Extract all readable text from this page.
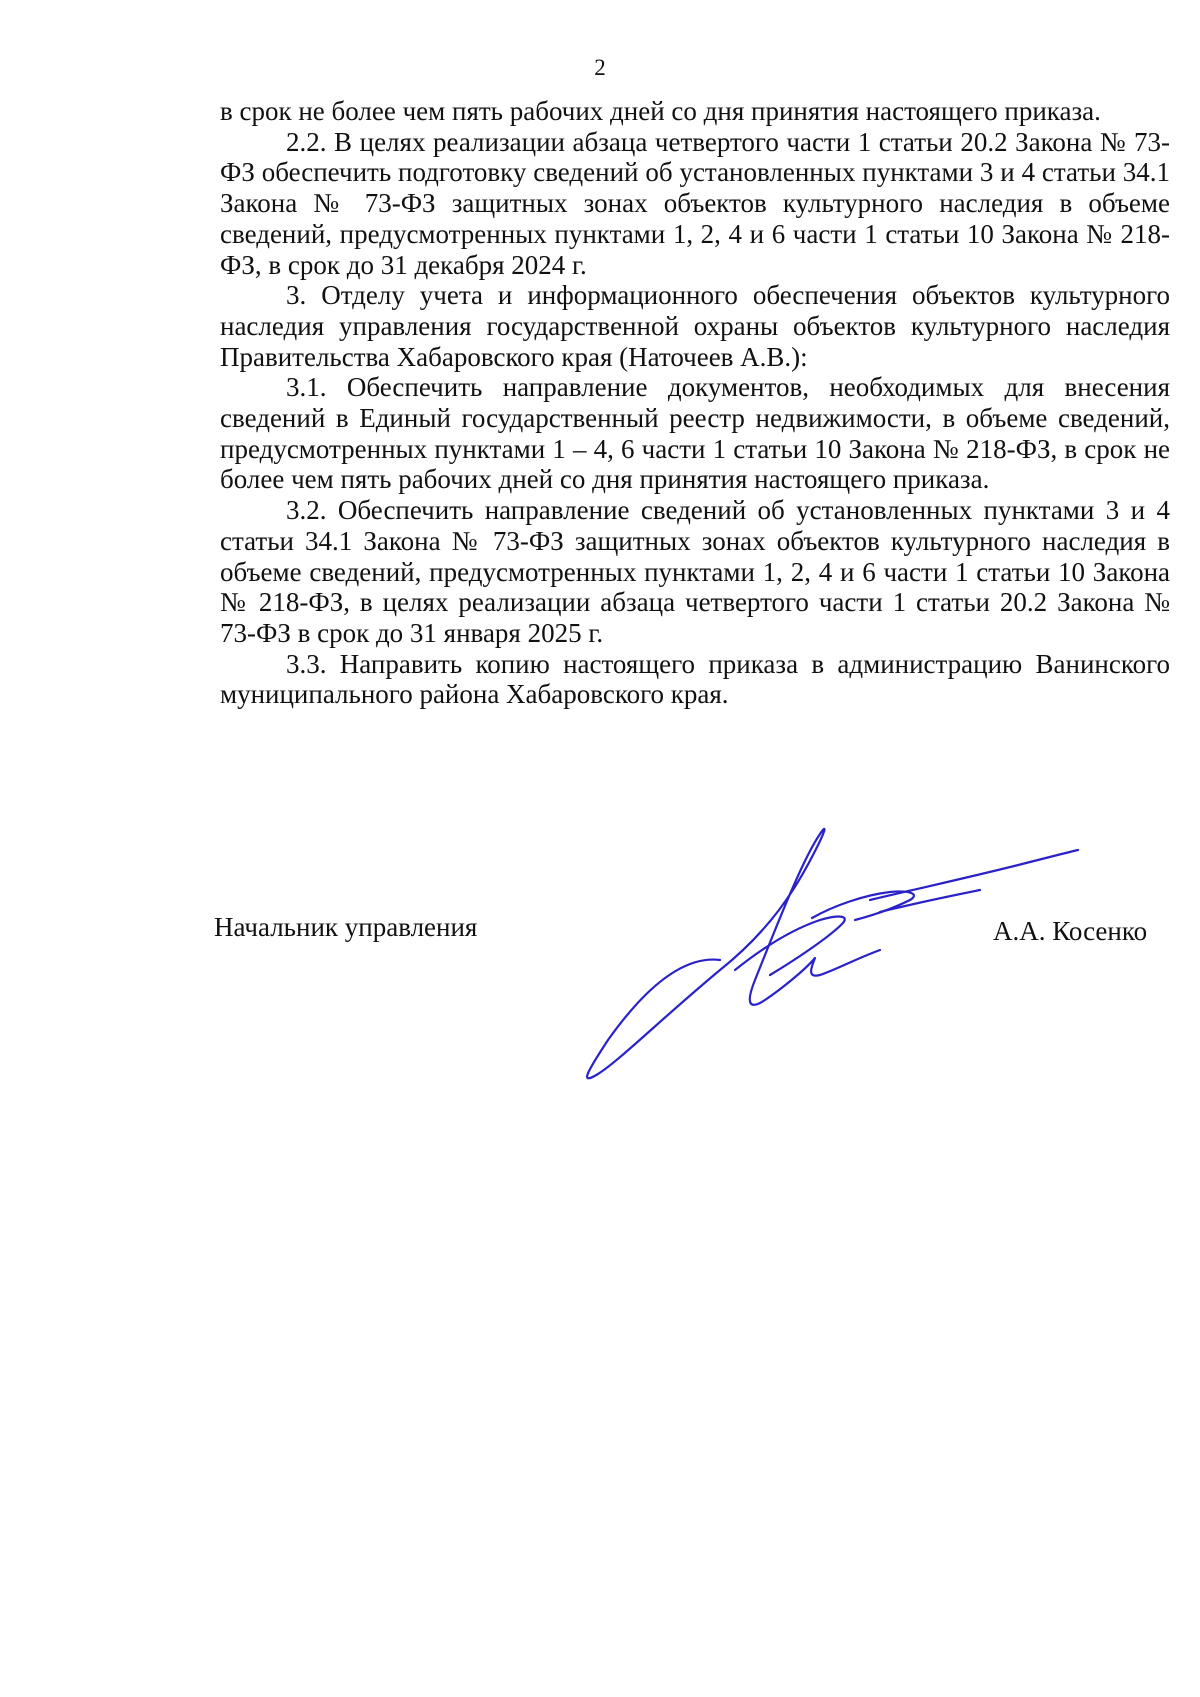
2

в срок не более чем пять рабочих дней со дня принятия настоящего приказа.

2.2. В целях реализации абзаца четвертого части 1 статьи 20.2 Закона № 73-ФЗ обеспечить подготовку сведений об установленных пунктами 3 и 4 статьи 34.1 Закона № 73-ФЗ защитных зонах объектов культурного наследия в объеме сведений, предусмотренных пунктами 1, 2, 4 и 6 части 1 статьи 10 Закона № 218-ФЗ, в срок до 31 декабря 2024 г.

3. Отделу учета и информационного обеспечения объектов культурного наследия управления государственной охраны объектов культурного наследия Правительства Хабаровского края (Наточеев А.В.):

3.1. Обеспечить направление документов, необходимых для внесения сведений в Единый государственный реестр недвижимости, в объеме сведений, предусмотренных пунктами 1 – 4, 6 части 1 статьи 10 Закона № 218-ФЗ, в срок не более чем пять рабочих дней со дня принятия настоящего приказа.

3.2. Обеспечить направление сведений об установленных пунктами 3 и 4 статьи 34.1 Закона № 73-ФЗ защитных зонах объектов культурного наследия в объеме сведений, предусмотренных пунктами 1, 2, 4 и 6 части 1 статьи 10 Закона № 218-ФЗ, в целях реализации абзаца четвертого части 1 статьи 20.2 Закона № 73-ФЗ в срок до 31 января 2025 г.

3.3. Направить копию настоящего приказа в администрацию Ванинского муниципального района Хабаровского края.

Начальник управления	А.А. Косенко
